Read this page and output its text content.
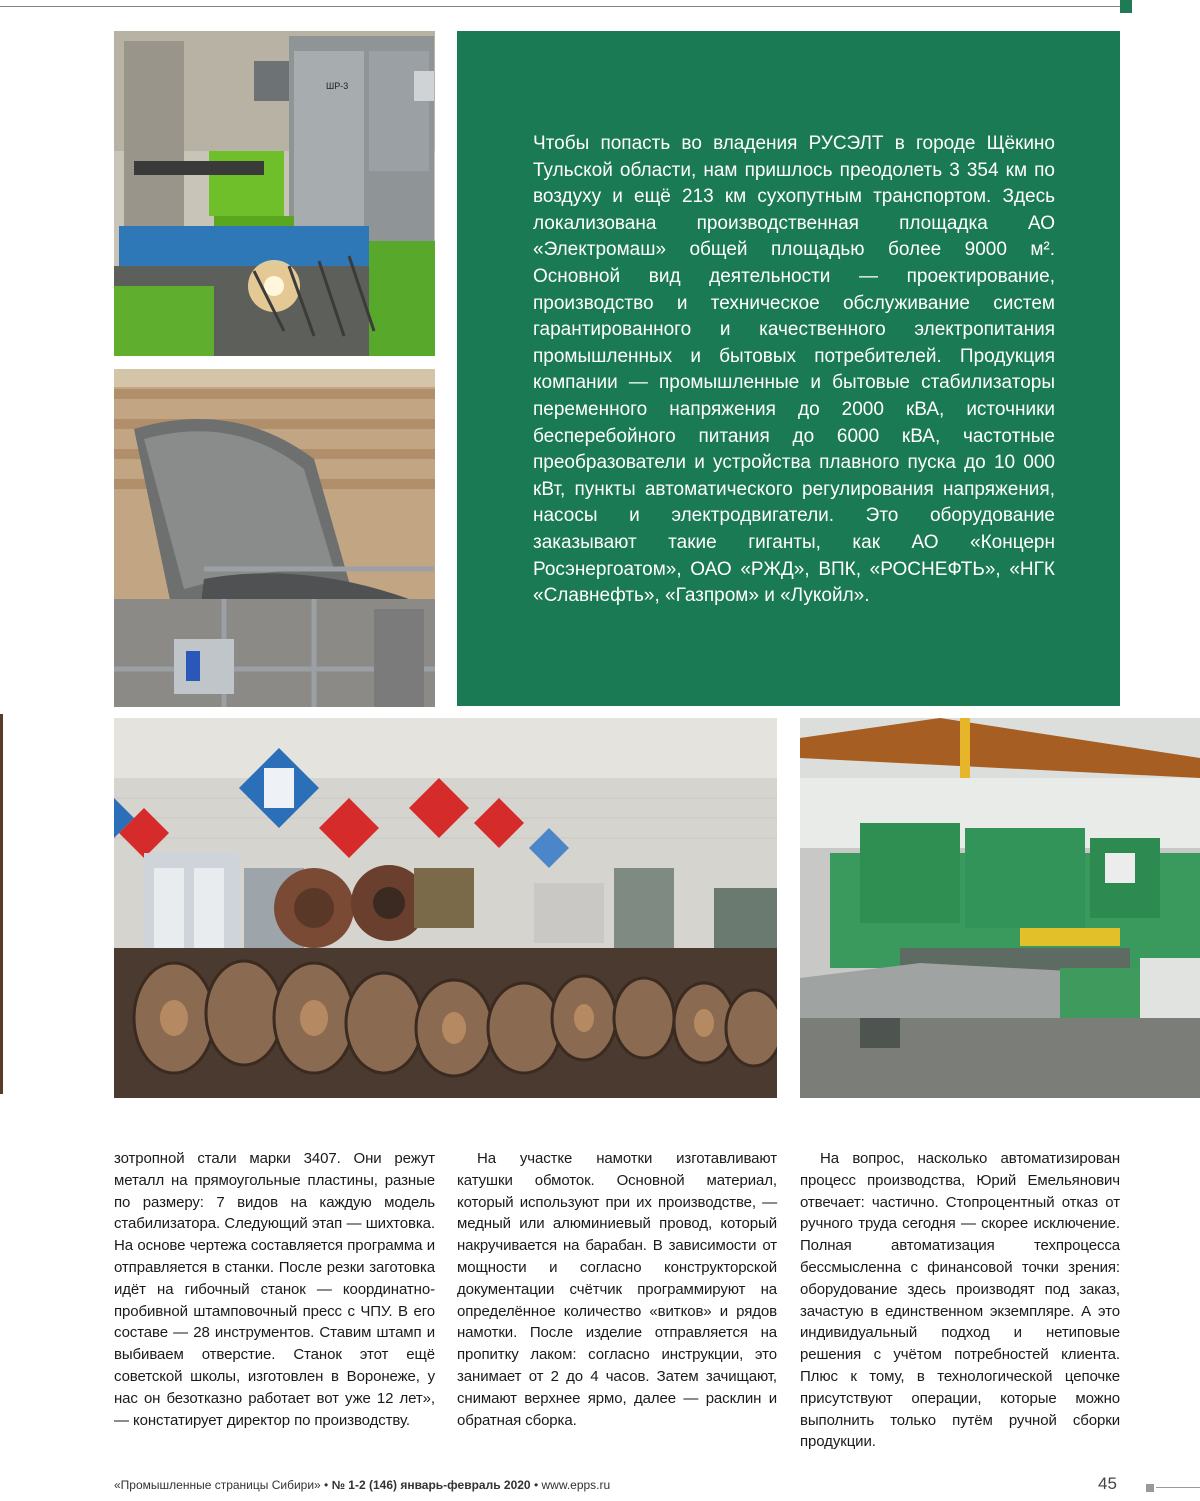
ШР-3
Чтобы попасть во владения РУСЭЛТ в городе Щёкино Тульской области, нам пришлось преодолеть 3 354 км по воздуху и ещё 213 км сухопутным транспортом. Здесь локализована производственная площадка АО «Электромаш» общей площадью более 9000 м². Основной вид деятельности — проектирование, производство и техническое обслуживание систем гарантированного и качественного электропитания промышленных и бытовых потребителей. Продукция компании — промышленные и бытовые стабилизаторы переменного напряжения до 2000 кВА, источники бесперебойного питания до 6000 кВА, частотные преобразователи и устройства плавного пуска до 10 000 кВт, пункты автоматического регулирования напряжения, насосы и электродвигатели. Это оборудование заказывают такие гиганты, как АО «Концерн Росэнергоатом», ОАО «РЖД», ВПК, «РОСНЕФТЬ», «НГК «Славнефть», «Газпром» и «Лукойл».
зотропной стали марки 3407. Они режут металл на прямоугольные пластины, разные по размеру: 7 видов на каждую модель стабилизатора. Следующий этап — шихтовка. На основе чертежа составляется программа и отправляется в станки. После резки заготовка идёт на гибочный станок — координатно-пробивной штамповочный пресс с ЧПУ. В его составе — 28 инструментов. Ставим штамп и выбиваем отверстие. Станок этот ещё советской школы, изготовлен в Воронеже, у нас он безотказно работает вот уже 12 лет», — констатирует директор по производству.
На участке намотки изготавливают катушки обмоток. Основной материал, который используют при их производстве, — медный или алюминиевый провод, который накручивается на барабан. В зависимости от мощности и согласно конструкторской документации счётчик программируют на определённое количество «витков» и рядов намотки. После изделие отправляется на пропитку лаком: согласно инструкции, это занимает от 2 до 4 часов. Затем зачищают, снимают верхнее ярмо, далее — расклин и обратная сборка.
На вопрос, насколько автоматизирован процесс производства, Юрий Емельянович отвечает: частично. Стопроцентный отказ от ручного труда сегодня — скорее исключение. Полная автоматизация техпроцесса бессмысленна с финансовой точки зрения: оборудование здесь производят под заказ, зачастую в единственном экземпляре. А это индивидуальный подход и нетиповые решения с учётом потребностей клиента. Плюс к тому, в технологической цепочке присутствуют операции, которые можно выполнить только путём ручной сборки продукции.
«Промышленные страницы Сибири» • № 1-2 (146) январь-февраль 2020 • www.epps.ru	45
